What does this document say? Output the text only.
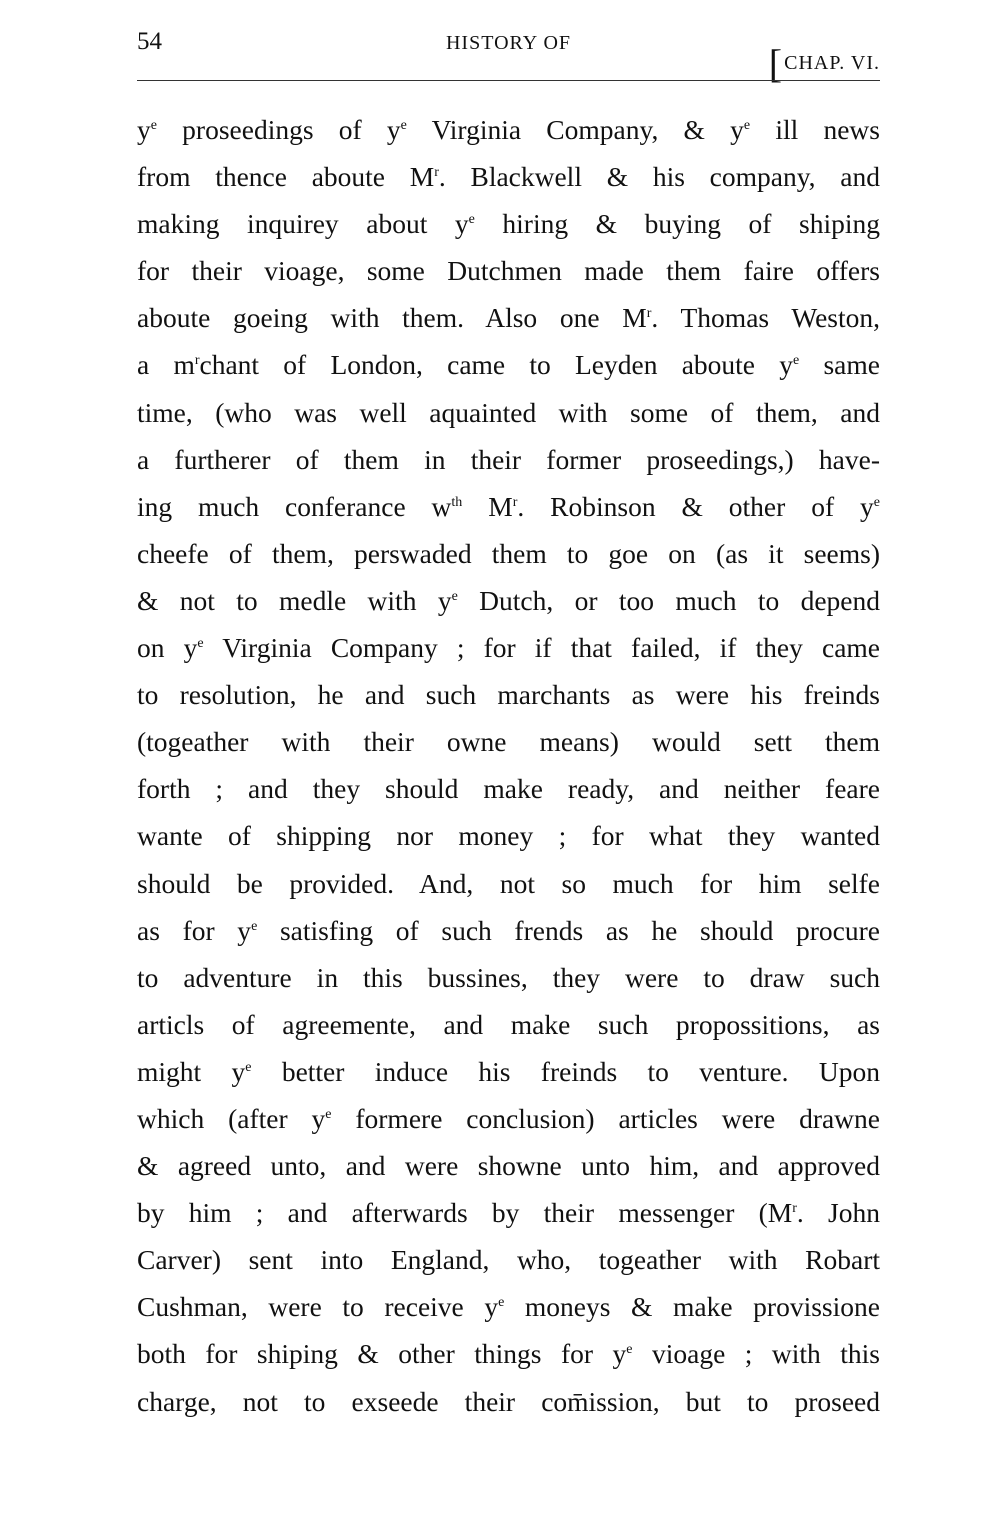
54	HISTORY OF	[CHAP. VI.
$y^e$ proseedings of $y^e$ Virginia Company, & $y^e$ ill news
from thence aboute $M^r$. Blackwell & his company, and
making inquirey about $y^e$ hiring & buying of shiping
for their vioage, some Dutchmen made them faire offers
aboute goeing with them. Also one $M^r$. Thomas Weston,
a $m^rchant$ of London, came to Leyden aboute $y^e$ same
time, (who was well aquainted with some of them, and
a furtherer of them in their former proseedings,) have-
ing much conferance $w^{th}$ $M^r$. Robinson & other of $y^e$
cheefe of them, perswaded them to goe on (as it seems)
& not to medle with $y^e$ Dutch, or too much to depend
on $y^e$ Virginia Company ; for if that failed, if they came
to resolution, he and such marchants as were his freinds
(togeather with their owne means) would sett them
forth ; and they should make ready, and neither feare
wante of shipping nor money ; for what they wanted
should be provided. And, not so much for him selfe
as for $y^e$ satisfing of such frends as he should procure
to adventure in this bussines, they were to draw such
articls of agreemente, and make such propossitions, as
might $y^e$ better induce his freinds to venture. Upon
which (after $y^e$ formere conclusion) articles were drawne
& agreed unto, and were showne unto him, and approved
by him ; and afterwards by their messenger ($M^r$. John
Carver) sent into England, who, togeather with Robart
Cushman, were to receive $y^e$ moneys & make provissione
both for shiping & other things for $y^e$ vioage ; with this
charge, not to exseede their com̄ission, but to proseed
